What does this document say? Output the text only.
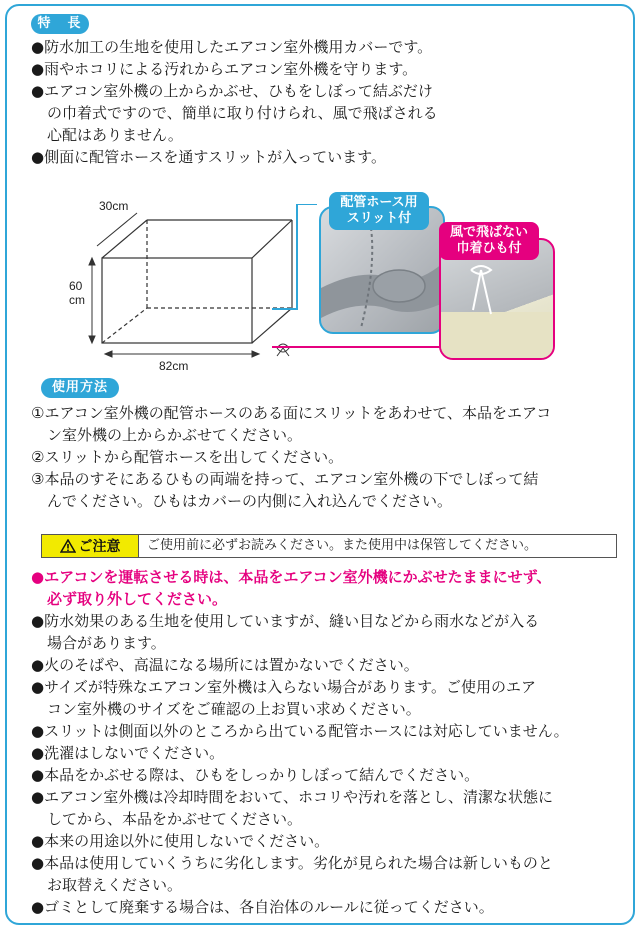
特　長
●防水加工の生地を使用したエアコン室外機用カバーです。
●雨やホコリによる汚れからエアコン室外機を守ります。
●エアコン室外機の上からかぶせ、ひもをしぼって結ぶだけ
の巾着式ですので、簡単に取り付けられ、風で飛ばされる
心配はありません。
●側面に配管ホースを通すスリットが入っています。
30cm
60
cm
82cm
配管ホース用
スリット付
風で飛ばない
巾着ひも付
使用方法
①エアコン室外機の配管ホースのある面にスリットをあわせて、本品をエアコ
ン室外機の上からかぶせてください。
②スリットから配管ホースを出してください。
③本品のすそにあるひもの両端を持って、エアコン室外機の下でしぼって結
んでください。ひもはカバーの内側に入れ込んでください。
ご注意	ご使用前に必ずお読みください。また使用中は保管してください。
●エアコンを運転させる時は、本品をエアコン室外機にかぶせたままにせず、
必ず取り外してください。
●防水効果のある生地を使用していますが、縫い目などから雨水などが入る
場合があります。
●火のそばや、高温になる場所には置かないでください。
●サイズが特殊なエアコン室外機は入らない場合があります。ご使用のエア
コン室外機のサイズをご確認の上お買い求めください。
●スリットは側面以外のところから出ている配管ホースには対応していません。
●洗濯はしないでください。
●本品をかぶせる際は、ひもをしっかりしぼって結んでください。
●エアコン室外機は冷却時間をおいて、ホコリや汚れを落とし、清潔な状態に
してから、本品をかぶせてください。
●本来の用途以外に使用しないでください。
●本品は使用していくうちに劣化します。劣化が見られた場合は新しいものと
お取替えください。
●ゴミとして廃棄する場合は、各自治体のルールに従ってください。
